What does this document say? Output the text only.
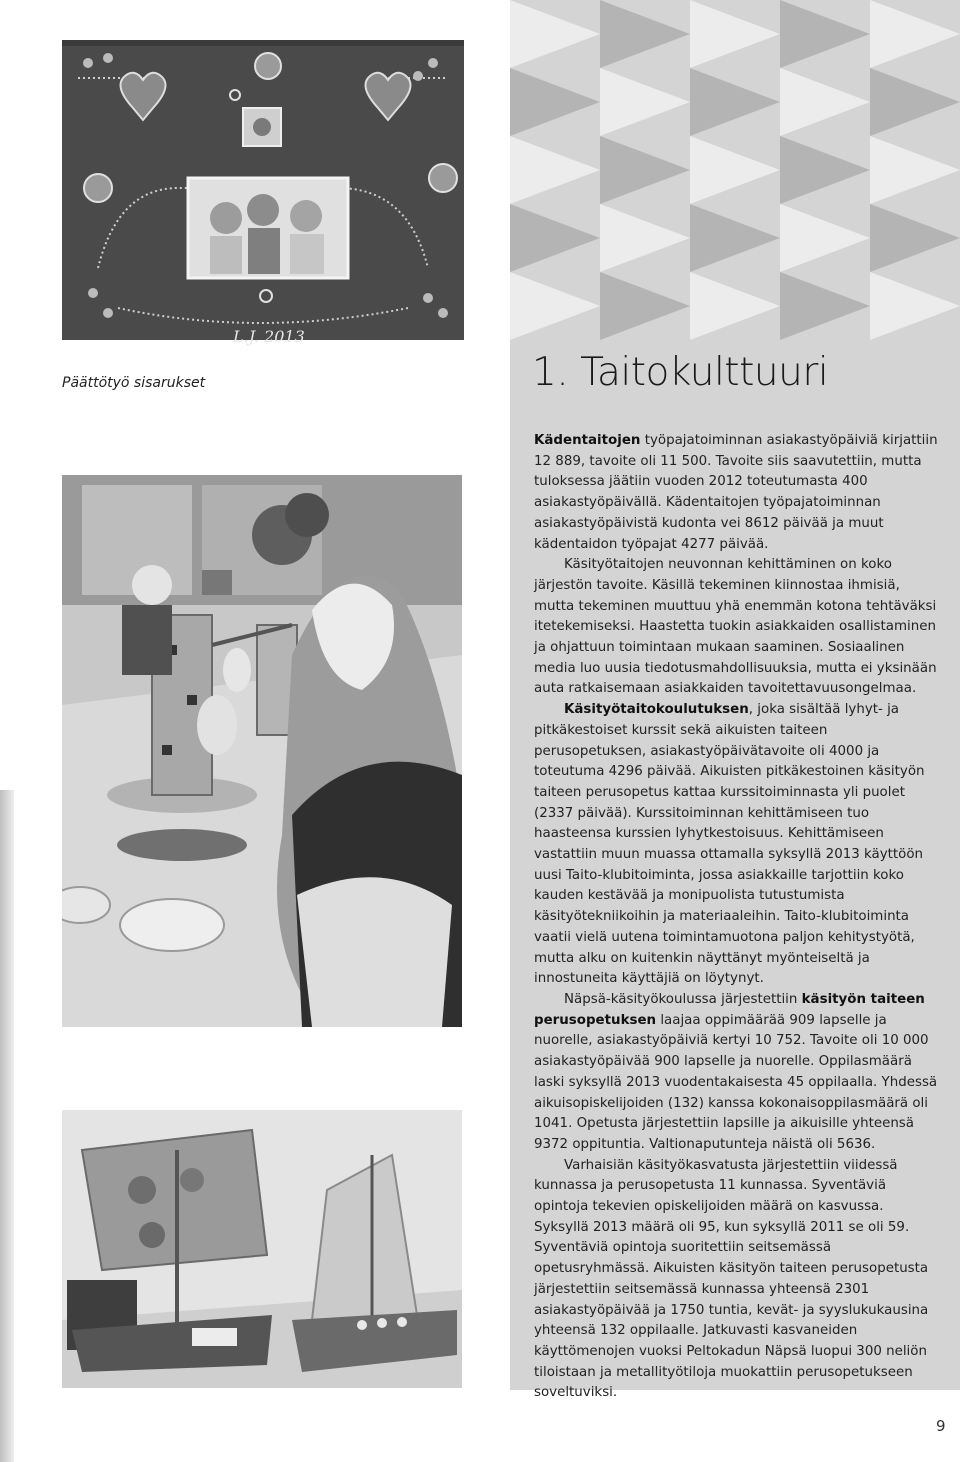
L.J. 2013
Päättötyö sisarukset	1. Taitokulttuuri

Kädentaitojen työpajatoiminnan asiakastyöpäiviä kirjattiin 12 889, tavoite oli 11 500. Tavoite siis saavutettiin, mutta tuloksessa jäätiin vuoden 2012 toteutumasta 400 asiakastyöpäivällä. Kädentaitojen työpajatoiminnan asiakastyöpäivistä kudonta vei 8612 päivää ja muut kädentaidon työpajat 4277 päivää.

Käsityötaitojen neuvonnan kehittäminen on koko järjestön tavoite. Käsillä tekeminen kiinnostaa ihmisiä, mutta tekeminen muuttuu yhä enemmän kotona tehtäväksi itetekemiseksi. Haastetta tuokin asiakkaiden osallistaminen ja ohjattuun toimintaan mukaan saaminen. Sosiaalinen media luo uusia tiedotusmahdollisuuksia, mutta ei yksinään auta ratkaisemaan asiakkaiden tavoitettavuusongelmaa.

Käsityötaitokoulutuksen, joka sisältää lyhyt- ja pitkäkestoiset kurssit sekä aikuisten taiteen perusopetuksen, asiakastyöpäivätavoite oli 4000 ja toteutuma 4296 päivää. Aikuisten pitkäkestoinen käsityön taiteen perusopetus kattaa kurssitoiminnasta yli puolet (2337 päivää). Kurssitoiminnan kehittämiseen tuo haasteensa kurssien lyhytkestoisuus. Kehittämiseen vastattiin muun muassa ottamalla syksyllä 2013 käyttöön uusi Taito-klubitoiminta, jossa asiakkaille tarjottiin koko kauden kestävää ja monipuolista tutustumista käsityötekniikoihin ja materiaaleihin. Taito-klubitoiminta vaatii vielä uutena toimintamuotona paljon kehitystyötä, mutta alku on kuitenkin näyttänyt myönteiseltä ja innostuneita käyttäjiä on löytynyt.

Näpsä-käsityökoulussa järjestettiin käsityön taiteen perusopetuksen laajaa oppimäärää 909 lapselle ja nuorelle, asiakastyöpäiviä kertyi 10 752. Tavoite oli 10 000 asiakastyöpäivää 900 lapselle ja nuorelle. Oppilasmäärä laski syksyllä 2013 vuodentakaisesta 45 oppilaalla. Yhdessä aikuisopiskelijoiden (132) kanssa kokonaisoppilasmäärä oli 1041. Opetusta järjestettiin lapsille ja aikuisille yhteensä 9372 oppituntia. Valtionaputunteja näistä oli 5636.

Varhaisiän käsityökasvatusta järjestettiin viidessä kunnassa ja perusopetusta 11 kunnassa. Syventäviä opintoja tekevien opiskelijoiden määrä on kasvussa. Syksyllä 2013 määrä oli 95, kun syksyllä 2011 se oli 59. Syventäviä opintoja suoritettiin seitsemässä opetusryhmässä. Aikuisten käsityön taiteen perusopetusta järjestettiin seitsemässä kunnassa yhteensä 2301 asiakastyöpäivää ja 1750 tuntia, kevät- ja syyslukukausina yhteensä 132 oppilaalle. Jatkuvasti kasvaneiden käyttömenojen vuoksi Peltokadun Näpsä luopui 300 neliön tiloistaan ja metallityötiloja muokattiin perusopetukseen soveltuviksi.

9
